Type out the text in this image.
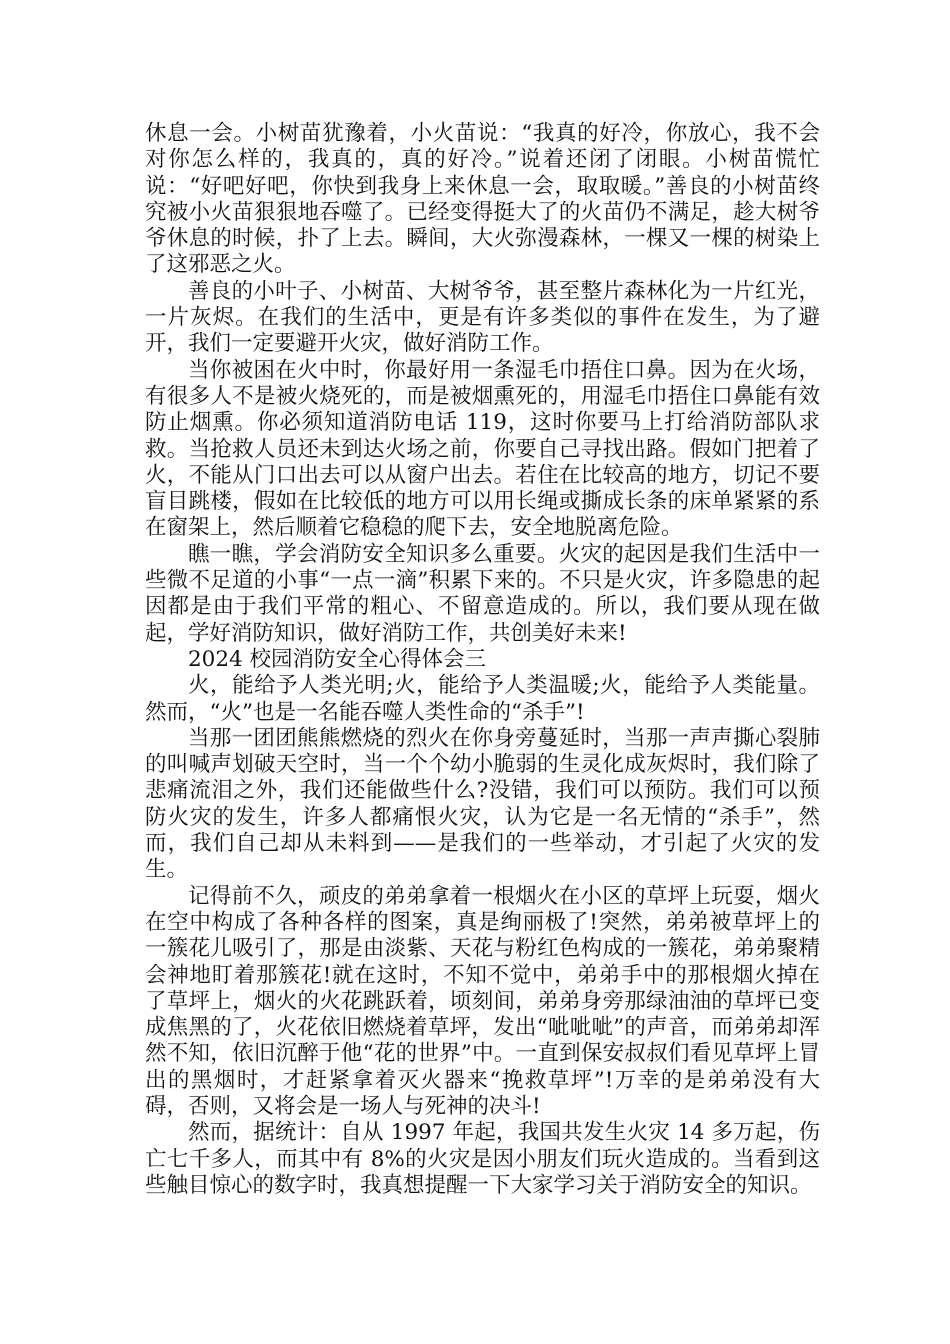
休息一会。小树苗犹豫着，小火苗说：“我真的好冷，你放心，我不会对你怎么样的，我真的，真的好冷。”说着还闭了闭眼。小树苗慌忙说：“好吧好吧，你快到我身上来休息一会，取取暖。”善良的小树苗终究被小火苗狠狠地吞噬了。已经变得挺大了的火苗仍不满足，趁大树爷爷休息的时候，扑了上去。瞬间，大火弥漫森林，一棵又一棵的树染上了这邪恶之火。

善良的小叶子、小树苗、大树爷爷，甚至整片森林化为一片红光，一片灰烬。在我们的生活中，更是有许多类似的事件在发生，为了避开，我们一定要避开火灾，做好消防工作。

当你被困在火中时，你最好用一条湿毛巾捂住口鼻。因为在火场，有很多人不是被火烧死的，而是被烟熏死的，用湿毛巾捂住口鼻能有效防止烟熏。你必须知道消防电话 119，这时你要马上打给消防部队求救。当抢救人员还未到达火场之前，你要自己寻找出路。假如门把着了火，不能从门口出去可以从窗户出去。若住在比较高的地方，切记不要盲目跳楼，假如在比较低的地方可以用长绳或撕成长条的床单紧紧的系在窗架上，然后顺着它稳稳的爬下去，安全地脱离危险。

瞧一瞧，学会消防安全知识多么重要。火灾的起因是我们生活中一些微不足道的小事“一点一滴”积累下来的。不只是火灾，许多隐患的起因都是由于我们平常的粗心、不留意造成的。所以，我们要从现在做起，学好消防知识，做好消防工作，共创美好未来!

2024 校园消防安全心得体会三

火，能给予人类光明;火，能给予人类温暖;火，能给予人类能量。然而，“火”也是一名能吞噬人类性命的“杀手”!

当那一团团熊熊燃烧的烈火在你身旁蔓延时，当那一声声撕心裂肺的叫喊声划破天空时，当一个个幼小脆弱的生灵化成灰烬时，我们除了悲痛流泪之外，我们还能做些什么?没错，我们可以预防。我们可以预防火灾的发生，许多人都痛恨火灾，认为它是一名无情的“杀手”，然而，我们自己却从未料到——是我们的一些举动，才引起了火灾的发生。

记得前不久，顽皮的弟弟拿着一根烟火在小区的草坪上玩耍，烟火在空中构成了各种各样的图案，真是绚丽极了!突然，弟弟被草坪上的一簇花儿吸引了，那是由淡紫、天花与粉红色构成的一簇花，弟弟聚精会神地盯着那簇花!就在这时，不知不觉中，弟弟手中的那根烟火掉在了草坪上，烟火的火花跳跃着，顷刻间，弟弟身旁那绿油油的草坪已变成焦黑的了，火花依旧燃烧着草坪，发出“呲呲呲”的声音，而弟弟却浑然不知，依旧沉醉于他“花的世界”中。一直到保安叔叔们看见草坪上冒出的黑烟时，才赶紧拿着灭火器来“挽救草坪”!万幸的是弟弟没有大碍，否则，又将会是一场人与死神的决斗!

然而，据统计：自从 1997 年起，我国共发生火灾 14 多万起，伤亡七千多人，而其中有 8%的火灾是因小朋友们玩火造成的。当看到这些触目惊心的数字时，我真想提醒一下大家学习关于消防安全的知识。
